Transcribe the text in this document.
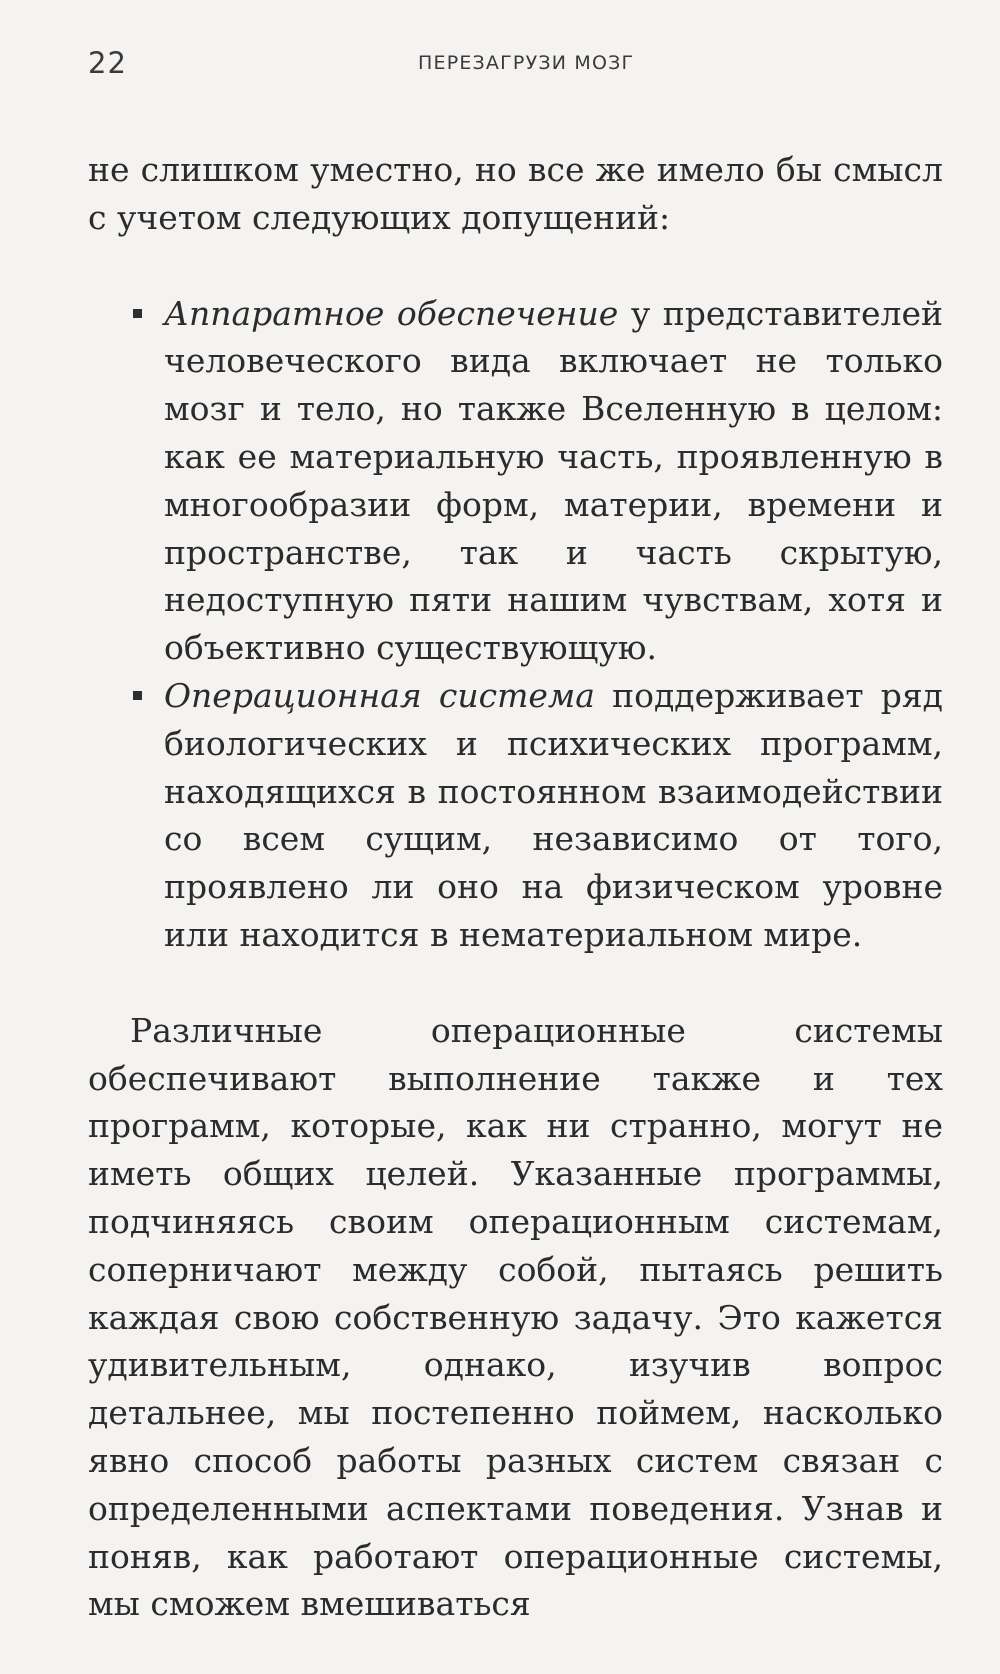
22	ПЕРЕЗАГРУЗИ МОЗГ

не слишком уместно, но все же имело бы смысл с учетом следующих допущений:

Аппаратное обеспечение у представителей человеческого вида включает не только мозг и тело, но также Вселенную в целом: как ее материальную часть, проявленную в многообразии форм, материи, времени и пространстве, так и часть скрытую, недоступную пяти нашим чувствам, хотя и объективно существующую.
Операционная система поддерживает ряд биологических и психических программ, находящихся в постоянном взаимодействии со всем сущим, независимо от того, проявлено ли оно на физическом уровне или находится в нематериальном мире.

Различные операционные системы обеспечивают выполнение также и тех программ, которые, как ни странно, могут не иметь общих целей. Указанные программы, подчиняясь своим операционным системам, соперничают между собой, пытаясь решить каждая свою собственную задачу. Это кажется удивительным, однако, изучив вопрос детальнее, мы постепенно поймем, насколько явно способ работы разных систем связан с определенными аспектами поведения. Узнав и поняв, как работают операционные системы, мы сможем вмешиваться
